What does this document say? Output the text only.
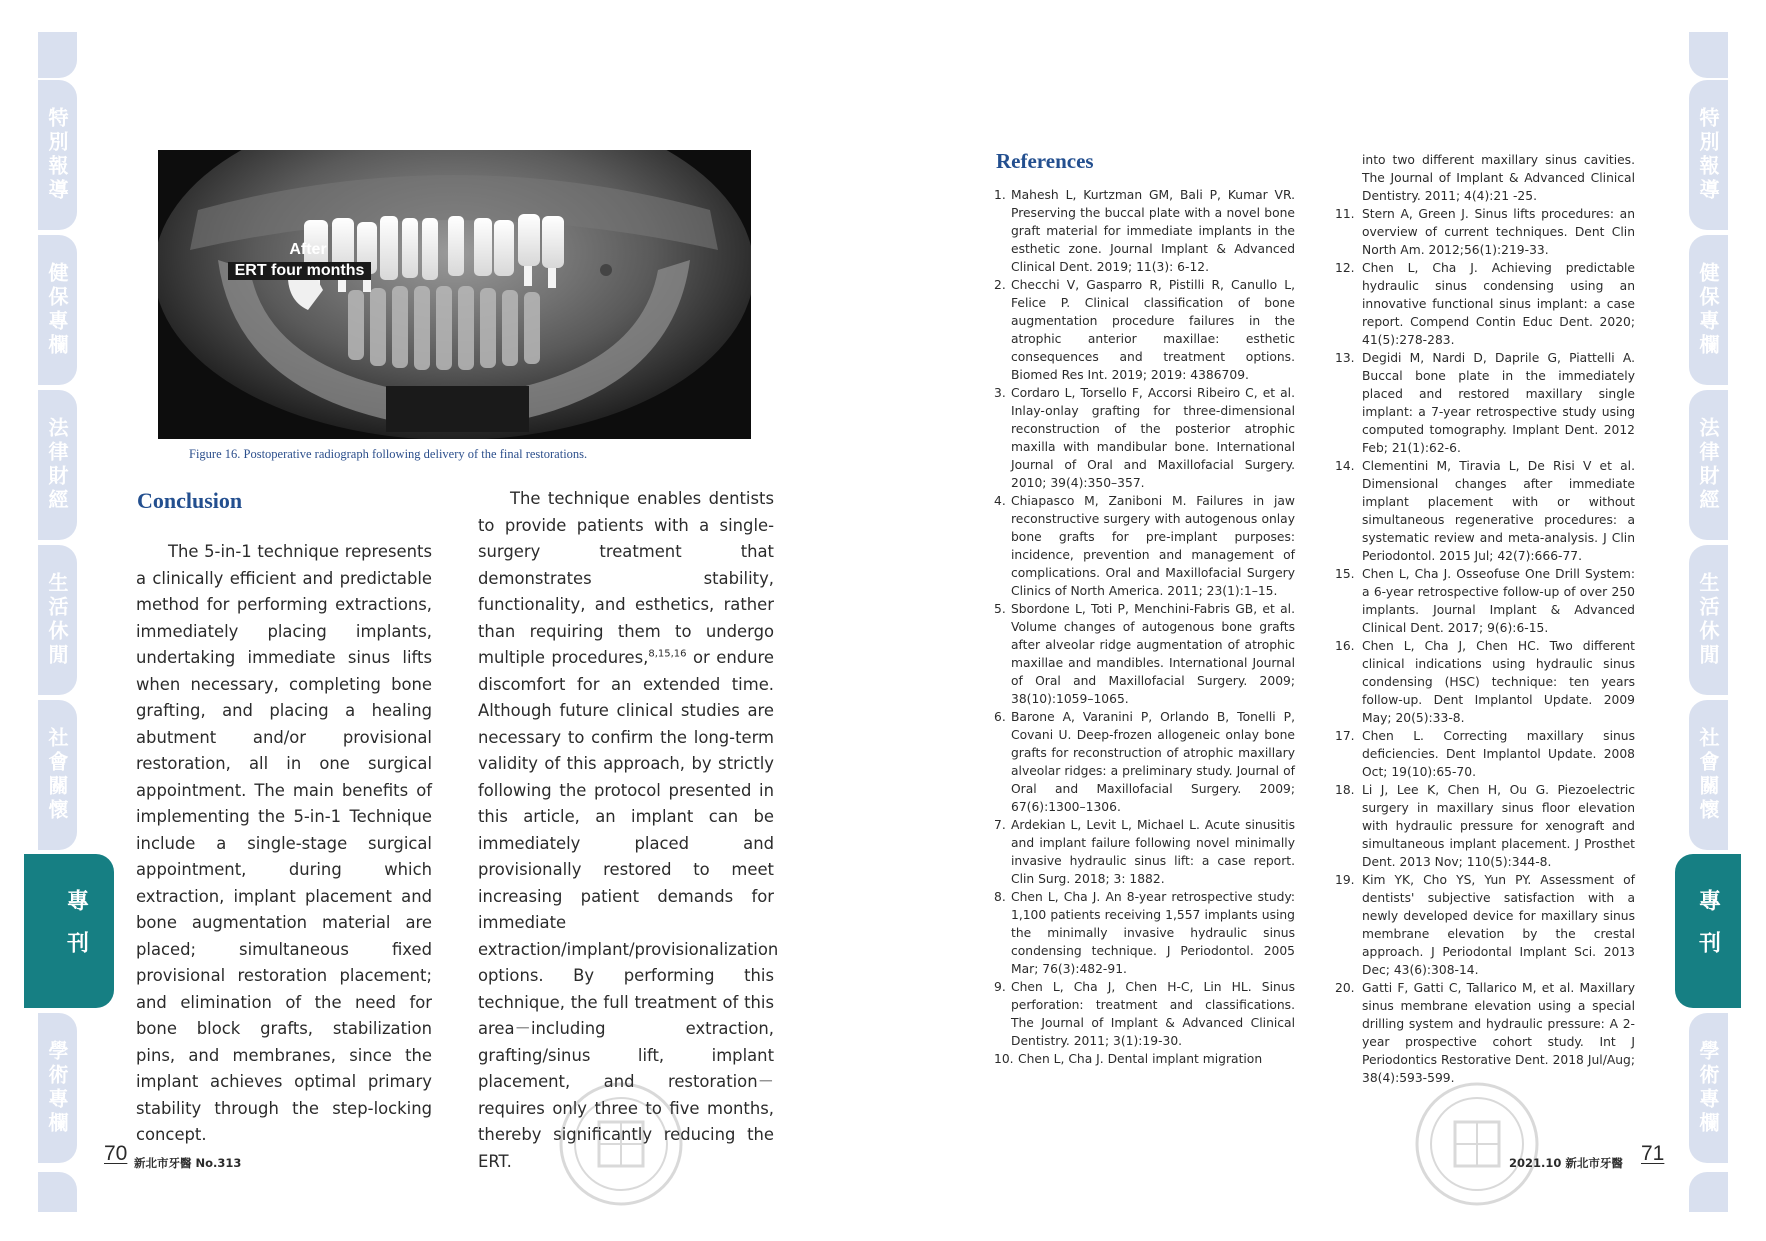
特別報導
健保專欄
法律財經
生活休閒
社會關懷
專刊
學術專欄
After
ERT four months
Figure 16. Postoperative radiograph following delivery of the final restorations.
Conclusion
The 5-in-1 technique represents a clinically efficient and predictable method for performing extractions, immediately placing implants, undertaking immediate sinus lifts when necessary, completing bone grafting, and placing a healing abutment and/or provisional restoration, all in one surgical appointment. The main benefits of implementing the 5-in-1 Technique include a single-stage surgical appointment, during which extraction, implant placement and bone augmentation material are placed; simultaneous fixed provisional restoration placement; and elimination of the need for bone block grafts, stabilization pins, and membranes, since the implant achieves optimal primary stability through the step-locking concept.
The technique enables dentists to provide patients with a single-surgery treatment that demonstrates stability, functionality, and esthetics, rather than requiring them to undergo multiple procedures,$^{8,15,16}$ or endure discomfort for an extended time. Although future clinical studies are necessary to confirm the long-term validity of this approach, by strictly following the protocol presented in this article, an implant can be immediately placed and provisionally restored to meet increasing patient demands for immediate extraction/implant/provisionalization options. By performing this technique, the full treatment of this area－including extraction, grafting/sinus lift, implant placement, and restoration－requires only three to five months, thereby significantly reducing the ERT.
70 新北市牙醫 No.313
References
1. Mahesh L, Kurtzman GM, Bali P, Kumar VR. Preserving the buccal plate with a novel bone graft material for immediate implants in the esthetic zone. Journal Implant & Advanced Clinical Dent. 2019; 11(3): 6-12.
2. Checchi V, Gasparro R, Pistilli R, Canullo L, Felice P. Clinical classification of bone augmentation procedure failures in the atrophic anterior maxillae: esthetic consequences and treatment options. Biomed Res Int. 2019; 2019: 4386709.
3. Cordaro L, Torsello F, Accorsi Ribeiro C, et al. Inlay-onlay grafting for three-dimensional reconstruction of the posterior atrophic maxilla with mandibular bone. International Journal of Oral and Maxillofacial Surgery. 2010; 39(4):350–357.
4. Chiapasco M, Zaniboni M. Failures in jaw reconstructive surgery with autogenous onlay bone grafts for pre-implant purposes: incidence, prevention and management of complications. Oral and Maxillofacial Surgery Clinics of North America. 2011; 23(1):1–15.
5. Sbordone L, Toti P, Menchini-Fabris GB, et al. Volume changes of autogenous bone grafts after alveolar ridge augmentation of atrophic maxillae and mandibles. International Journal of Oral and Maxillofacial Surgery. 2009; 38(10):1059–1065.
6. Barone A, Varanini P, Orlando B, Tonelli P, Covani U. Deep-frozen allogeneic onlay bone grafts for reconstruction of atrophic maxillary alveolar ridges: a preliminary study. Journal of Oral and Maxillofacial Surgery. 2009; 67(6):1300–1306.
7. Ardekian L, Levit L, Michael L. Acute sinusitis and implant failure following novel minimally invasive hydraulic sinus lift: a case report. Clin Surg. 2018; 3: 1882.
8. Chen L, Cha J. An 8-year retrospective study: 1,100 patients receiving 1,557 implants using the minimally invasive hydraulic sinus condensing technique. J Periodontol. 2005 Mar; 76(3):482-91.
9. Chen L, Cha J, Chen H-C, Lin HL. Sinus perforation: treatment and classifications. The Journal of Implant & Advanced Clinical Dentistry. 2011; 3(1):19-30.
10. Chen L, Cha J. Dental implant migration
into two different maxillary sinus cavities. The Journal of Implant & Advanced Clinical Dentistry. 2011; 4(4):21 -25.
11. Stern A, Green J. Sinus lifts procedures: an overview of current techniques. Dent Clin North Am. 2012;56(1):219-33.
12. Chen L, Cha J. Achieving predictable hydraulic sinus condensing using an innovative functional sinus implant: a case report. Compend Contin Educ Dent. 2020; 41(5):278-283.
13. Degidi M, Nardi D, Daprile G, Piattelli A. Buccal bone plate in the immediately placed and restored maxillary single implant: a 7-year retrospective study using computed tomography. Implant Dent. 2012 Feb; 21(1):62-6.
14. Clementini M, Tiravia L, De Risi V et al. Dimensional changes after immediate implant placement with or without simultaneous regenerative procedures: a systematic review and meta-analysis. J Clin Periodontol. 2015 Jul; 42(7):666-77.
15. Chen L, Cha J. Osseofuse One Drill System: a 6-year retrospective follow-up of over 250 implants. Journal Implant & Advanced Clinical Dent. 2017; 9(6):6-15.
16. Chen L, Cha J, Chen HC. Two different clinical indications using hydraulic sinus condensing (HSC) technique: ten years follow-up. Dent Implantol Update. 2009 May; 20(5):33-8.
17. Chen L. Correcting maxillary sinus deficiencies. Dent Implantol Update. 2008 Oct; 19(10):65-70.
18. Li J, Lee K, Chen H, Ou G. Piezoelectric surgery in maxillary sinus floor elevation with hydraulic pressure for xenograft and simultaneous implant placement. J Prosthet Dent. 2013 Nov; 110(5):344-8.
19. Kim YK, Cho YS, Yun PY. Assessment of dentists' subjective satisfaction with a newly developed device for maxillary sinus membrane elevation by the crestal approach. J Periodontal Implant Sci. 2013 Dec; 43(6):308-14.
20. Gatti F, Gatti C, Tallarico M, et al. Maxillary sinus membrane elevation using a special drilling system and hydraulic pressure: A 2-year prospective cohort study. Int J Periodontics Restorative Dent. 2018 Jul/Aug; 38(4):593-599.
特別報導
健保專欄
法律財經
生活休閒
社會關懷
專刊
學術專欄
2021.10 新北市牙醫 71
